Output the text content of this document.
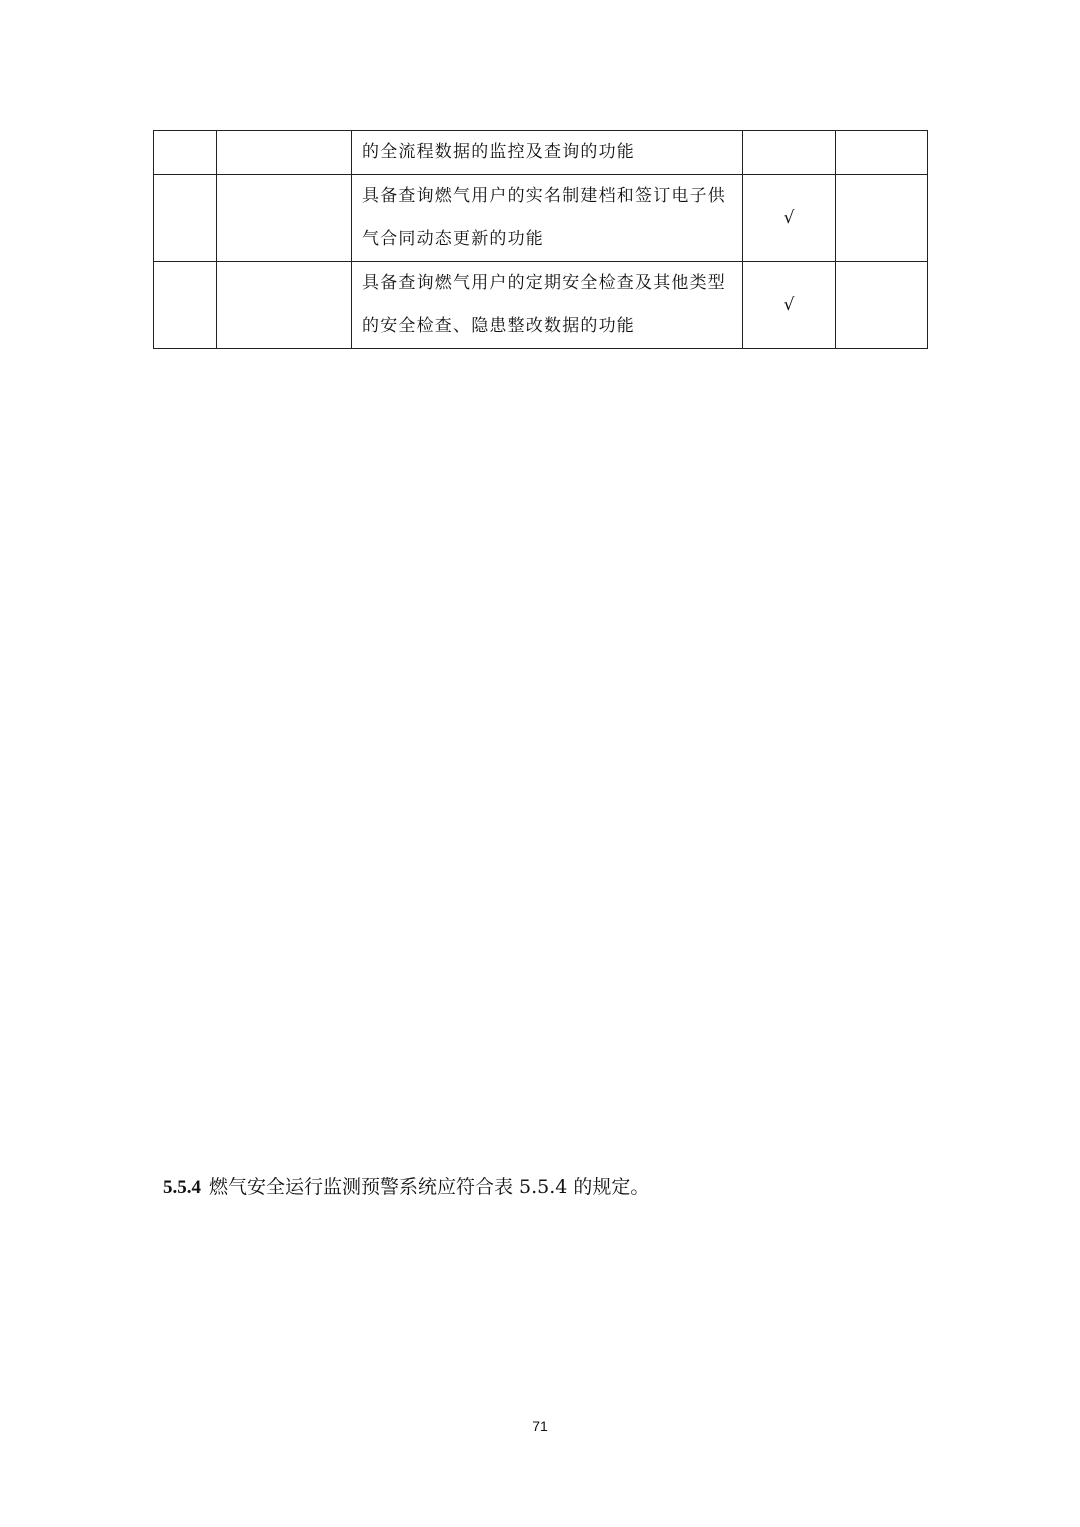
		的全流程数据的监控及查询的功能		
		具备查询燃气用户的实名制建档和签订电子供气合同动态更新的功能	√	
		具备查询燃气用户的定期安全检查及其他类型的安全检查、隐患整改数据的功能	√	
5.5.4 燃气安全运行监测预警系统应符合表 5.5.4 的规定。
71
